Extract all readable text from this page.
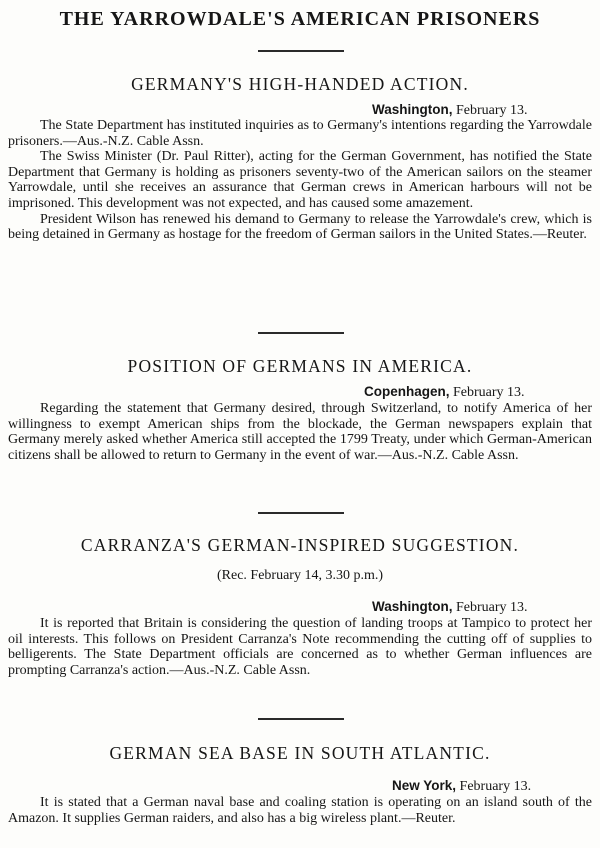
THE YARROWDALE'S AMERICAN PRISONERS
GERMANY'S HIGH-HANDED ACTION.
Washington, February 13.

The State Department has instituted inquiries as to Germany's intentions regarding the Yarrowdale prisoners.—Aus.-N.Z. Cable Assn.

The Swiss Minister (Dr. Paul Ritter), acting for the German Government, has notified the State Department that Germany is holding as prisoners seventy-two of the American sailors on the steamer Yarrowdale, until she receives an assurance that German crews in American harbours will not be imprisoned. This development was not expected, and has caused some amazement.

President Wilson has renewed his demand to Germany to release the Yarrowdale's crew, which is being detained in Germany as hostage for the freedom of German sailors in the United States.—Reuter.

POSITION OF GERMANS IN AMERICA.
Copenhagen, February 13.

Regarding the statement that Germany desired, through Switzerland, to notify America of her willingness to exempt American ships from the blockade, the German newspapers explain that Germany merely asked whether America still accepted the 1799 Treaty, under which German-American citizens shall be allowed to return to Germany in the event of war.—Aus.-N.Z. Cable Assn.

CARRANZA'S GERMAN-INSPIRED SUGGESTION.
(Rec. February 14, 3.30 p.m.)
Washington, February 13.

It is reported that Britain is considering the question of landing troops at Tampico to protect her oil interests. This follows on President Carranza's Note recommending the cutting off of supplies to belligerents. The State Department officials are concerned as to whether German influences are prompting Carranza's action.—Aus.-N.Z. Cable Assn.

GERMAN SEA BASE IN SOUTH ATLANTIC.
New York, February 13.

It is stated that a German naval base and coaling station is operating on an island south of the Amazon. It supplies German raiders, and also has a big wireless plant.—Reuter.
